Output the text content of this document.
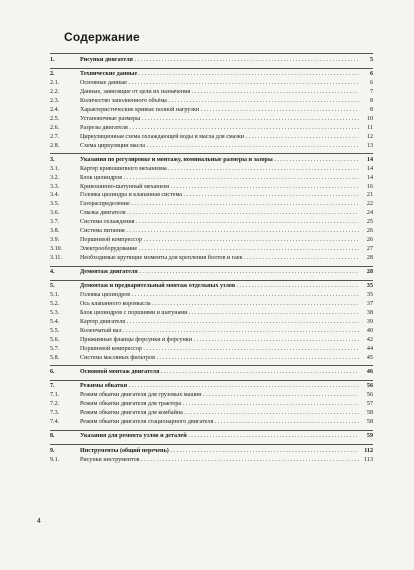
Содержание
1.	Рисунки двигателя . . .	5
2.	Технические данные . . .	6
2.1.	Основные данные . . .	6
2.2.	Данные, зависящие от цели их назначения . . .	7
2.3.	Количество заполненного объёма . . .	8
2.4.	Характеристические кривые полной нагрузки . . .	8
2.5.	Установочные размеры . . .	10
2.6.	Разрезы двигателя . . .	11
2.7.	Циркуляционная схема охлаждающей воды и масла для смазки . . .	12
2.8.	Схема циркуляции масла . . .	13
3.	Указания по регулировке и монтажу, номинальные размеры и зазоры . . .	14
3.1.	Картер кривошипного механизма . . .	14
3.2.	Блок цилиндров . . .	14
3.3.	Кривошипно-шатунный механизм . . .	16
3.4.	Головка цилиндра и клапанная система . . .	21
3.5.	Газораспределение . . .	22
3.6.	Смазка двигателя . . .	24
3.7.	Система охлаждения . . .	25
3.8.	Система питания . . .	26
3.9.	Поршневой компрессор . . .	26
3.10.	Электрооборудование . . .	27
3.11.	Необходимые крутящие моменты для крепления болтов и гаек . . .	28
4.	Демонтаж двигателя . . .	28
5.	Демонтаж и предварительный монтаж отдельных узлов . . .	35
5.1.	Головка цилиндров . . .	35
5.2.	Ось клапанного коромысла . . .	37
5.3.	Блок цилиндров с поршнями и шатунами . . .	38
5.4.	Картер двигателя . . .	39
5.5.	Коленчатый вал . . .	40
5.6.	Прижимные фланцы форсунки и форсунки . . .	42
5.7.	Поршневой компрессор . . .	44
5.8.	Система масляных фильтров . . .	45
6.	Основной монтаж двигателя . . .	46
7.	Режимы обкатки . . .	56
7.1.	Режим обкатки двигателя для грузовых машин . . .	56
7.2.	Режим обкатки двигателя для трактора . . .	57
7.3.	Режим обкатки двигателя для комбайна . . .	58
7.4.	Режим обкатки двигателя стационарного двигателя . . .	58
8.	Указания для ремонта узлов и деталей . . .	59
9.	Инструменты (общий перечень) . . .	112
9.1.	Рисунки инструментов . . .	113
4
